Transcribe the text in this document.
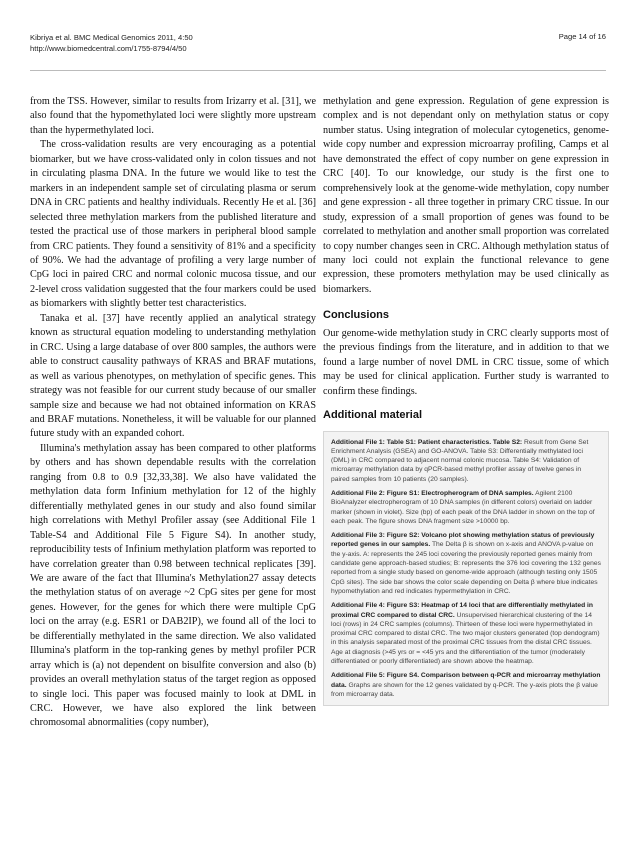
Kibriya et al. BMC Medical Genomics 2011, 4:50
http://www.biomedcentral.com/1755-8794/4/50
Page 14 of 16

from the TSS. However, similar to results from Irizarry et al. [31], we also found that the hypomethylated loci were slightly more upstream than the hypermethylated loci.

The cross-validation results are very encouraging as a potential biomarker, but we have cross-validated only in colon tissues and not in circulating plasma DNA. In the future we would like to test the markers in an independent sample set of circulating plasma or serum DNA in CRC patients and healthy individuals. Recently He et al. [36] selected three methylation markers from the published literature and tested the practical use of those markers in peripheral blood sample from CRC patients. They found a sensitivity of 81% and a specificity of 90%. We had the advantage of profiling a very large number of CpG loci in paired CRC and normal colonic mucosa tissue, and our 2-level cross validation suggested that the four markers could be used as biomarkers with slightly better test characteristics.

Tanaka et al. [37] have recently applied an analytical strategy known as structural equation modeling to understanding methylation in CRC. Using a large database of over 800 samples, the authors were able to construct causality pathways of KRAS and BRAF mutations, as well as various phenotypes, on methylation of specific genes. This strategy was not feasible for our current study because of our smaller sample size and because we had not obtained information on KRAS and BRAF mutations. Nonetheless, it will be valuable for our planned future study with an expanded cohort.

Illumina's methylation assay has been compared to other platforms by others and has shown dependable results with the correlation ranging from 0.8 to 0.9 [32,33,38]. We also have validated the methylation data form Infinium methylation for 12 of the highly differentially methylated genes in our study and also found similar high correlations with Methyl Profiler assay (see Additional File 1 Table-S4 and Additional File 5 Figure S4). In another study, reproducibility tests of Infinium methylation platform was reported to have correlation greater than 0.98 between technical replicates [39]. We are aware of the fact that Illumina's Methylation27 assay detects the methylation status of on average ~2 CpG sites per gene for most genes. However, for the genes for which there were multiple CpG loci on the array (e.g. ESR1 or DAB2IP), we found all of the loci to be differentially methylated in the same direction. We also validated Illumina's platform in the top-ranking genes by methyl profiler PCR array which is (a) not dependent on bisulfite conversion and also (b) provides an overall methylation status of the target region as opposed to single loci. This paper was focused mainly to look at DML in CRC. However, we have also explored the link between chromosomal abnormalities (copy number),

methylation and gene expression. Regulation of gene expression is complex and is not dependant only on methylation status or copy number status. Using integration of molecular cytogenetics, genome-wide copy number and expression microarray profiling, Camps et al have demonstrated the effect of copy number on gene expression in CRC [40]. To our knowledge, our study is the first one to comprehensively look at the genome-wide methylation, copy number and gene expression - all three together in primary CRC tissue. In our study, expression of a small proportion of genes was found to be correlated to methylation and another small proportion was correlated to copy number changes seen in CRC. Although methylation status of many loci could not explain the functional relevance to gene expression, these promoters methylation may be used clinically as biomarkers.

Conclusions

Our genome-wide methylation study in CRC clearly supports most of the previous findings from the literature, and in addition to that we found a large number of novel DML in CRC tissue, some of which may be used for clinical application. Further study is warranted to confirm these findings.

Additional material
Additional File 1: Table S1: Patient characteristics. Table S2: Result from Gene Set Enrichment Analysis (GSEA) and GO-ANOVA. Table S3: Differentially methylated loci (DML) in CRC compared to adjacent normal colonic mucosa. Table S4: Validation of microarray methylation data by qPCR-based methyl profiler assay of twelve genes in paired samples from 10 patients (20 samples).
Additional File 2: Figure S1: Electropherogram of DNA samples. Agilent 2100 BioAnalyzer electropherogram of 10 DNA samples (in different colors) overlaid on ladder marker (shown in violet). Size (bp) of each peak of the DNA ladder in shown on the top of each peak. The figure shows DNA fragment size >10000 bp.
Additional File 3: Figure S2: Volcano plot showing methylation status of previously reported genes in our samples. The Delta β is shown on x-axis and ANOVA p-value on the y-axis. A: represents the 245 loci covering the previously reported genes mainly from candidate gene approach-based studies; B: represents the 376 loci covering the 132 genes reported from a single study based on genome-wide approach (although testing only 1505 CpG sites). The side bar shows the color scale depending on Delta β where blue indicates hypomethylation and red indicates hypermethylation in CRC.
Additional File 4: Figure S3: Heatmap of 14 loci that are differentially methylated in proximal CRC compared to distal CRC. Unsupervised hierarchical clustering of the 14 loci (rows) in 24 CRC samples (columns). Thirteen of these loci were hypermethylated in proximal CRC compared to distal CRC. The two major clusters generated (top dendogram) in this analysis separated most of the proximal CRC tissues from the distal CRC tissues. Age at diagnosis (>45 yrs or = <45 yrs and the differentiation of the tumor (moderately differentiated or poorly differentiated) are shown above the heatmap.
Additional File 5: Figure S4. Comparison between q-PCR and microarray methylation data. Graphs are shown for the 12 genes validated by q-PCR. The y-axis plots the β value from microarray data.
